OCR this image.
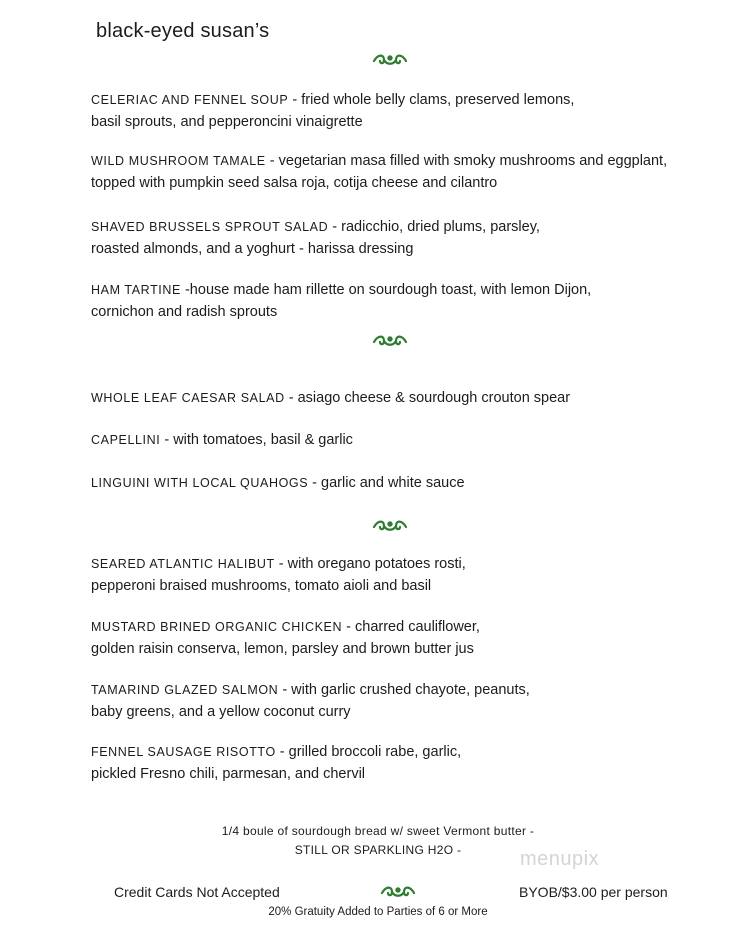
black-eyed susan’s
CELERIAC AND FENNEL SOUP - fried whole belly clams, preserved lemons,
basil sprouts, and pepperoncini vinaigrette
WILD MUSHROOM TAMALE - vegetarian masa filled with smoky mushrooms and eggplant,
topped with pumpkin seed salsa roja, cotija cheese and cilantro
SHAVED BRUSSELS SPROUT SALAD - radicchio, dried plums, parsley,
roasted almonds, and a yoghurt - harissa dressing
HAM TARTINE -house made ham rillette on sourdough toast, with lemon Dijon,
cornichon and radish sprouts
WHOLE LEAF CAESAR SALAD - asiago cheese & sourdough crouton spear
CAPELLINI - with tomatoes, basil & garlic
LINGUINI WITH LOCAL QUAHOGS - garlic and white sauce
SEARED ATLANTIC HALIBUT - with oregano potatoes rosti,
pepperoni braised mushrooms, tomato aioli and basil
MUSTARD BRINED ORGANIC CHICKEN - charred cauliflower,
golden raisin conserva, lemon, parsley and brown butter jus
TAMARIND GLAZED SALMON - with garlic crushed chayote, peanuts,
baby greens, and a yellow coconut curry
FENNEL SAUSAGE RISOTTO - grilled broccoli rabe, garlic,
pickled Fresno chili, parmesan, and chervil
1/4 boule of sourdough bread w/ sweet Vermont butter -
STILL OR SPARKLING H2O -	menupix
Credit Cards Not Accepted	BYOB/$3.00 per person
20% Gratuity Added to Parties of 6 or More
